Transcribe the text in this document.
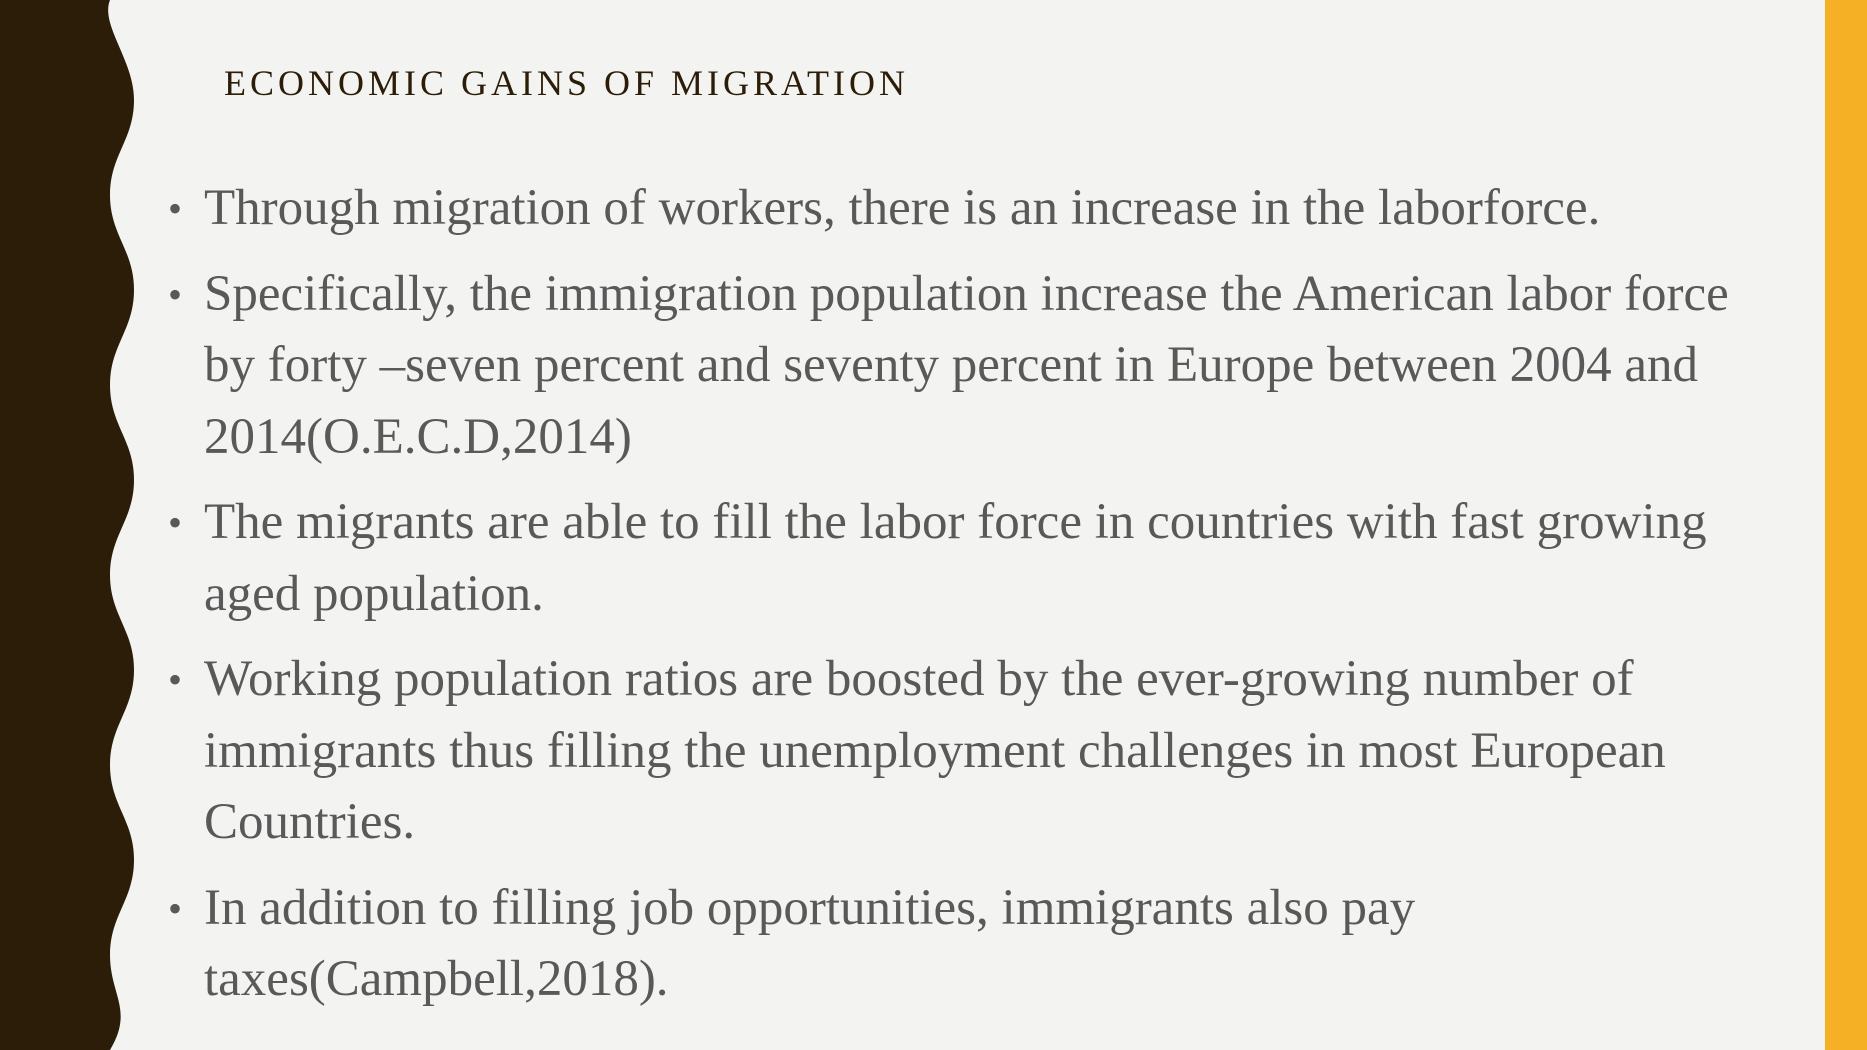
ECONOMIC GAINS OF MIGRATION
• Through migration of workers, there is an increase in the laborforce.
• Specifically, the immigration population increase the American labor force by forty –seven percent and seventy percent in Europe between 2004 and 2014(O.E.C.D,2014)
• The migrants are able to fill the labor force in countries with fast growing aged population.
• Working population ratios are boosted by the ever-growing number of immigrants thus filling the unemployment challenges in most European Countries.
• In addition to filling job opportunities, immigrants also pay taxes(Campbell,2018).
